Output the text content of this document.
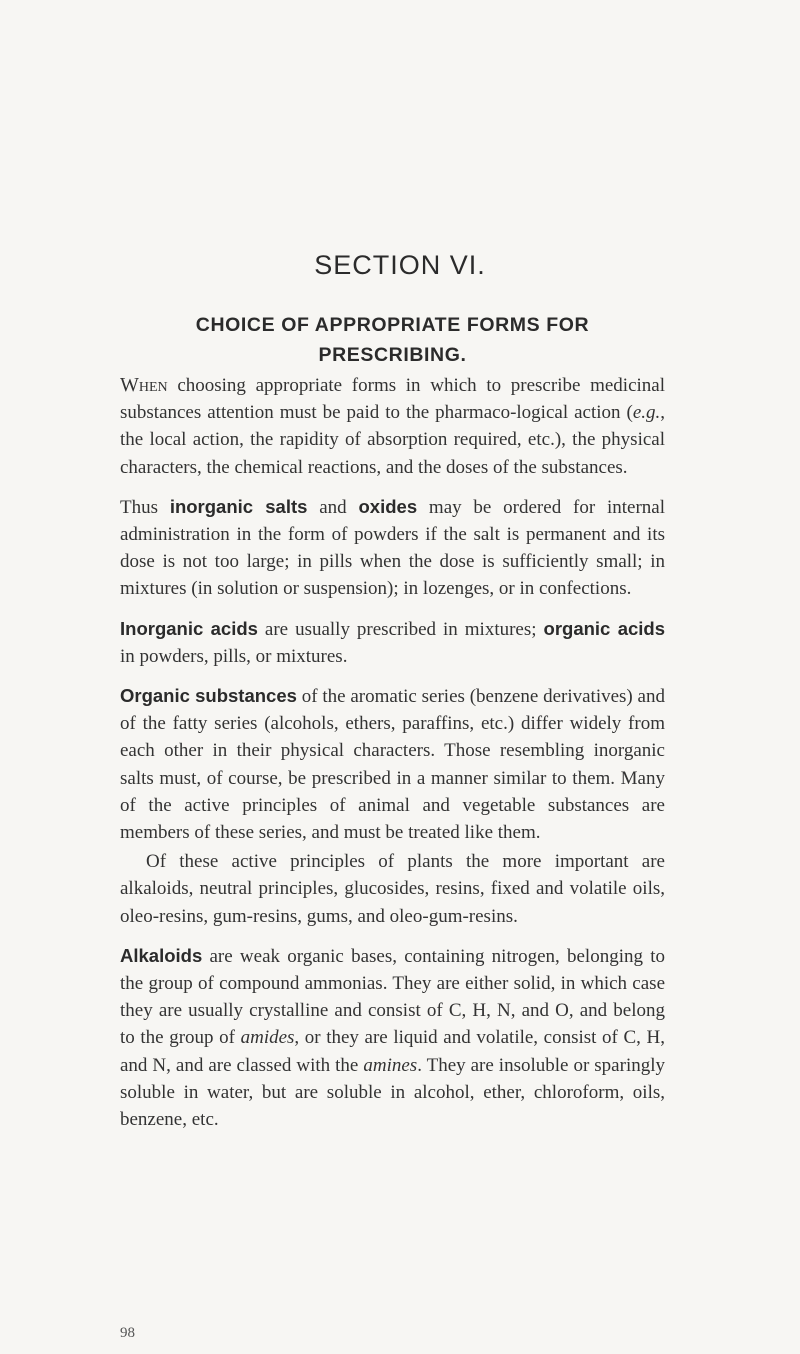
SECTION VI.
CHOICE OF APPROPRIATE FORMS FOR PRESCRIBING.

When choosing appropriate forms in which to prescribe medicinal substances attention must be paid to the pharmaco-logical action (e.g., the local action, the rapidity of absorption required, etc.), the physical characters, the chemical reactions, and the doses of the substances.

Thus inorganic salts and oxides may be ordered for internal administration in the form of powders if the salt is permanent and its dose is not too large; in pills when the dose is sufficiently small; in mixtures (in solution or suspension); in lozenges, or in confections.

Inorganic acids are usually prescribed in mixtures; organic acids in powders, pills, or mixtures.

Organic substances of the aromatic series (benzene derivatives) and of the fatty series (alcohols, ethers, paraffins, etc.) differ widely from each other in their physical characters. Those resembling inorganic salts must, of course, be prescribed in a manner similar to them. Many of the active principles of animal and vegetable substances are members of these series, and must be treated like them.

Of these active principles of plants the more important are alkaloids, neutral principles, glucosides, resins, fixed and volatile oils, oleo-resins, gum-resins, gums, and oleo-gum-resins.

Alkaloids are weak organic bases, containing nitrogen, belonging to the group of compound ammonias. They are either solid, in which case they are usually crystalline and consist of C, H, N, and O, and belong to the group of amides, or they are liquid and volatile, consist of C, H, and N, and are classed with the amines. They are insoluble or sparingly soluble in water, but are soluble in alcohol, ether, chloroform, oils, benzene, etc.

98
